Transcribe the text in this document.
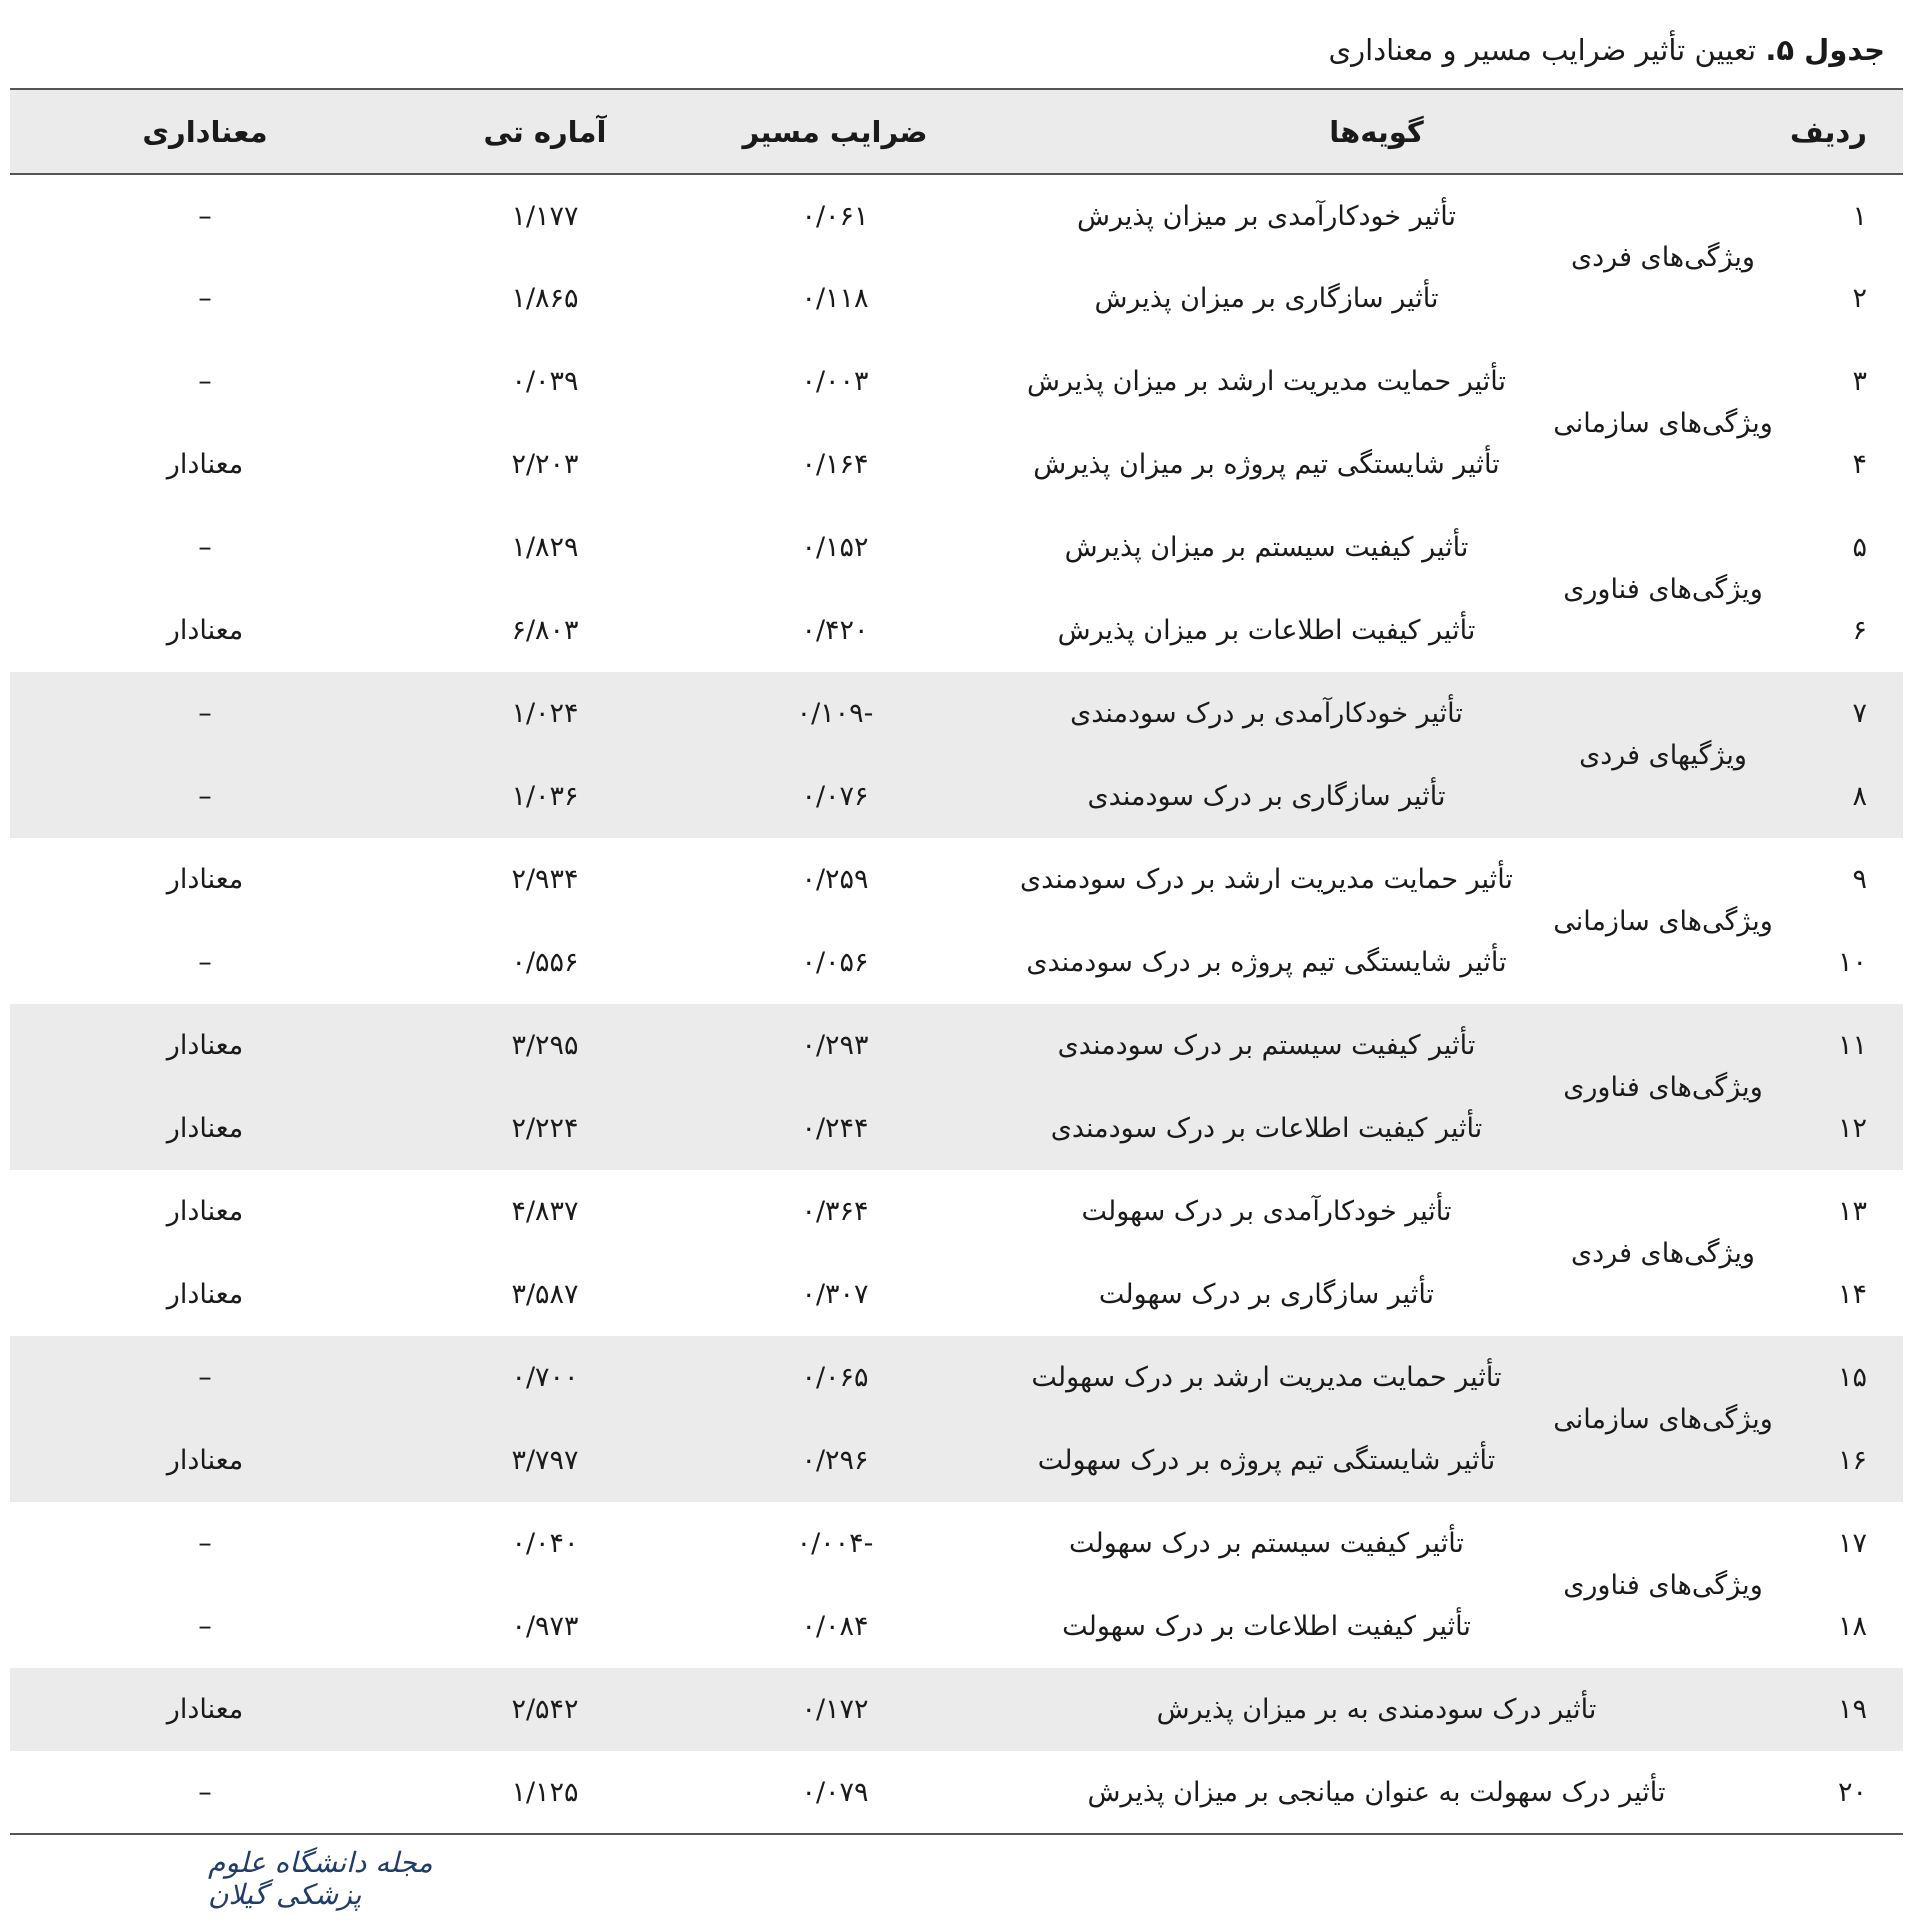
جدول ۵. تعیین تأثیر ضرایب مسیر و معناداری
ردیف	گویه‌ها		ضرایب مسیر	آماره تی	معناداری
۱	ویژگی‌های فردی	تأثیر خودکارآمدی بر میزان پذیرش	۰/۰۶۱	۱/۱۷۷	–
۲		تأثیر سازگاری بر میزان پذیرش	۰/۱۱۸	۱/۸۶۵	–
۳	ویژگی‌های سازمانی	تأثیر حمایت مدیریت ارشد بر میزان پذیرش	۰/۰۰۳	۰/۰۳۹	–
۴		تأثیر شایستگی تیم پروژه بر میزان پذیرش	۰/۱۶۴	۲/۲۰۳	معنادار
۵	ویژگی‌های فناوری	تأثیر کیفیت سیستم بر میزان پذیرش	۰/۱۵۲	۱/۸۲۹	–
۶		تأثیر کیفیت اطلاعات بر میزان پذیرش	۰/۴۲۰	۶/۸۰۳	معنادار
۷	ویژگیهای فردی	تأثیر خودکارآمدی بر درک سودمندی	-۰/۱۰۹	۱/۰۲۴	–
۸		تأثیر سازگاری بر درک سودمندی	۰/۰۷۶	۱/۰۳۶	–
۹	ویژگی‌های سازمانی	تأثیر حمایت مدیریت ارشد بر درک سودمندی	۰/۲۵۹	۲/۹۳۴	معنادار
۱۰		تأثیر شایستگی تیم پروژه بر درک سودمندی	۰/۰۵۶	۰/۵۵۶	–
۱۱	ویژگی‌های فناوری	تأثیر کیفیت سیستم بر درک سودمندی	۰/۲۹۳	۳/۲۹۵	معنادار
۱۲		تأثیر کیفیت اطلاعات بر درک سودمندی	۰/۲۴۴	۲/۲۲۴	معنادار
۱۳	ویژگی‌های فردی	تأثیر خودکارآمدی بر درک سهولت	۰/۳۶۴	۴/۸۳۷	معنادار
۱۴		تأثیر سازگاری بر درک سهولت	۰/۳۰۷	۳/۵۸۷	معنادار
۱۵	ویژگی‌های سازمانی	تأثیر حمایت مدیریت ارشد بر درک سهولت	۰/۰۶۵	۰/۷۰۰	–
۱۶		تأثیر شایستگی تیم پروژه بر درک سهولت	۰/۲۹۶	۳/۷۹۷	معنادار
۱۷	ویژگی‌های فناوری	تأثیر کیفیت سیستم بر درک سهولت	-۰/۰۰۴	۰/۰۴۰	–
۱۸		تأثیر کیفیت اطلاعات بر درک سهولت	۰/۰۸۴	۰/۹۷۳	–
۱۹	تأثیر درک سودمندی به بر میزان پذیرش		۰/۱۷۲	۲/۵۴۲	معنادار
۲۰	تأثیر درک سهولت به عنوان میانجی بر میزان پذیرش		۰/۰۷۹	۱/۱۲۵	–
مجله دانشگاه علوم
پزشکی گیلان
